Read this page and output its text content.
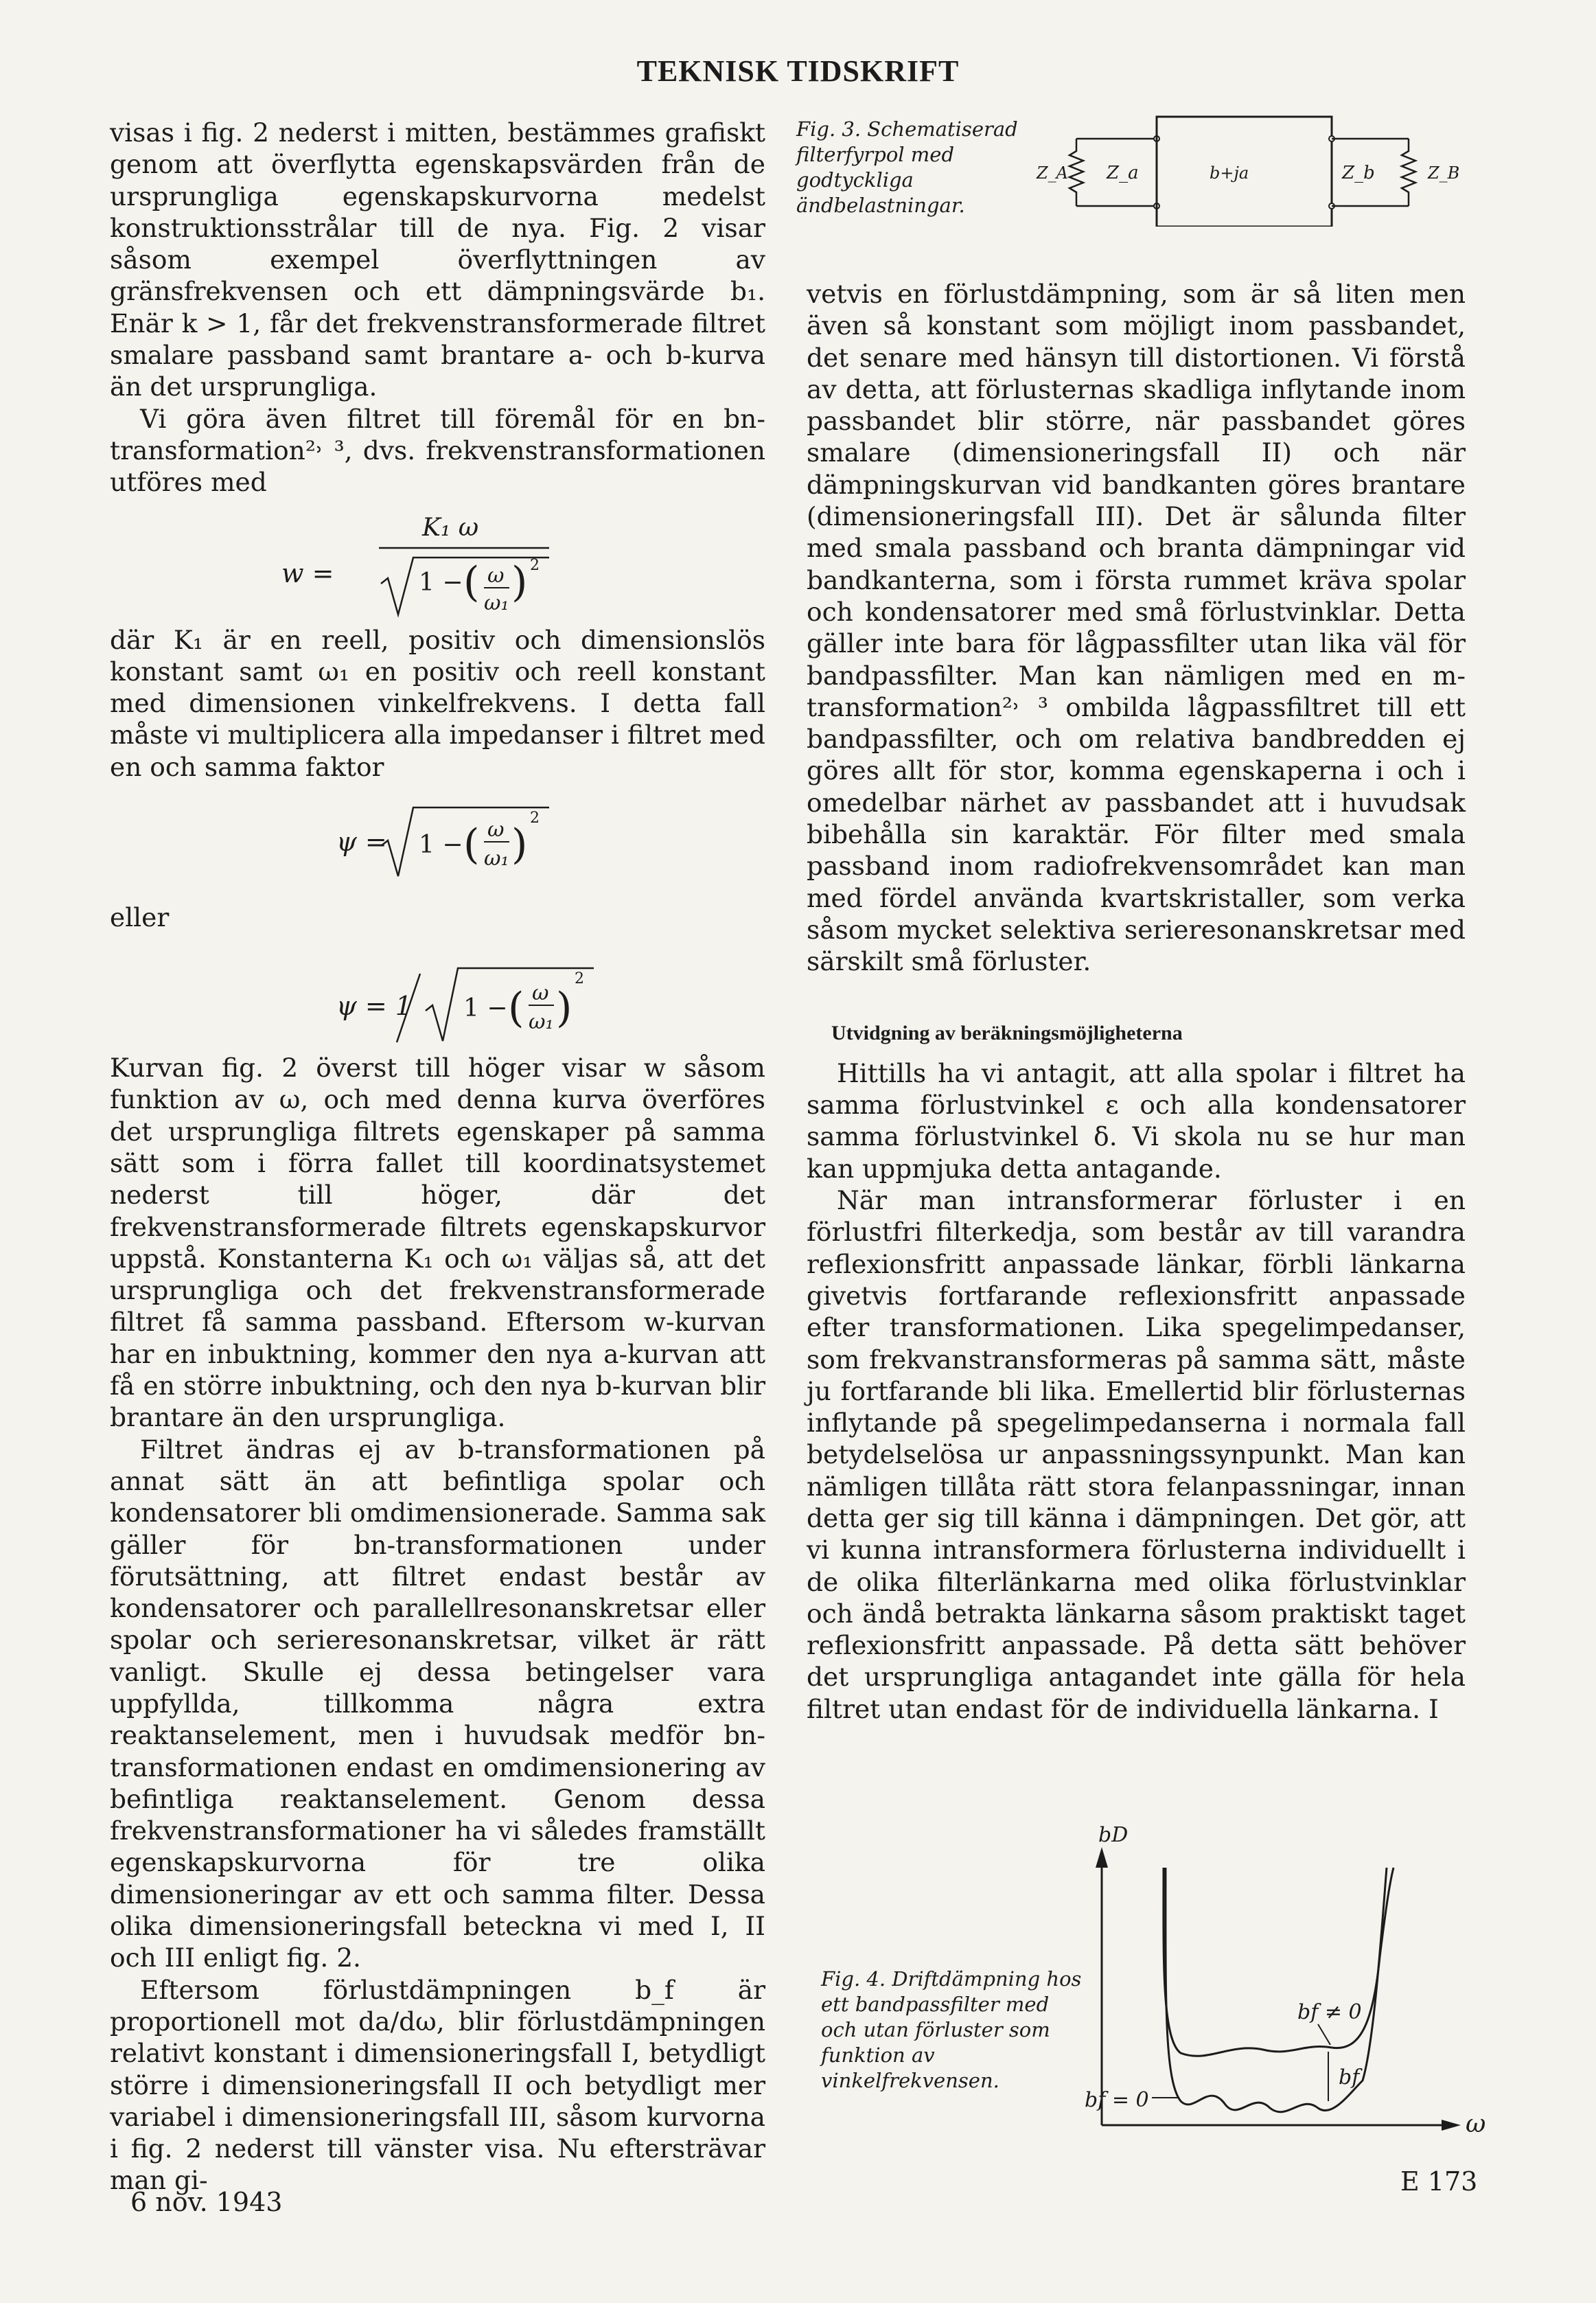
TEKNISK TIDSKRIFT

visas i fig. 2 nederst i mitten, bestämmes grafiskt genom att överflytta egenskapsvärden från de ursprungliga egenskapskurvorna medelst konstruktionsstrålar till de nya. Fig. 2 visar såsom exempel överflyttningen av gränsfrekvensen och ett dämpningsvärde b₁. Enär k > 1, får det frekvenstransformerade filtret smalare passband samt brantare a- och b-kurva än det ursprungliga.

Vi göra även filtret till föremål för en bn-transformation²˒ ³, dvs. frekvenstransformationen utföres med

w =
K₁ ω
1 − ( ω
ω₁ ) 2

där K₁ är en reell, positiv och dimensionslös konstant samt ω₁ en positiv och reell konstant med dimensionen vinkelfrekvens. I detta fall måste vi multiplicera alla impedanser i filtret med en och samma faktor

ψ = 1 − ( ω
ω₁ )
2
eller
ψ = 1 1 − ( ω
ω₁ )
2

Kurvan fig. 2 överst till höger visar w såsom funktion av ω, och med denna kurva överföres det ursprungliga filtrets egenskaper på samma sätt som i förra fallet till koordinatsystemet nederst till höger, där det frekvenstransformerade filtrets egenskapskurvor uppstå. Konstanterna K₁ och ω₁ väljas så, att det ursprungliga och det frekvenstransformerade filtret få samma passband. Eftersom w-kurvan har en inbuktning, kommer den nya a-kurvan att få en större inbuktning, och den nya b-kurvan blir brantare än den ursprungliga.

Filtret ändras ej av b-transformationen på annat sätt än att befintliga spolar och kondensatorer bli omdimensionerade. Samma sak gäller för bn-transformationen under förutsättning, att filtret endast består av kondensatorer och parallellresonanskretsar eller spolar och serieresonanskretsar, vilket är rätt vanligt. Skulle ej dessa betingelser vara uppfyllda, tillkomma några extra reaktanselement, men i huvudsak medför bn-transformationen endast en omdimensionering av befintliga reaktanselement. Genom dessa frekvenstransformationer ha vi således framställt egenskapskurvorna för tre olika dimensioneringar av ett och samma filter. Dessa olika dimensioneringsfall betecknа vi med I, II och III enligt fig. 2.

Eftersom förlustdämpningen b_f är proportionell mot da/dω, blir förlustdämpningen relativt konstant i dimensioneringsfall I, betydligt större i dimensioneringsfall II och betydligt mer variabel i dimensioneringsfall III, såsom kurvorna i fig. 2 nederst till vänster visa. Nu eftersträvar man gi-

Fig. 3. Schematiserad filterfyrpol med godtyckliga ändbelastningar.
Z_A Z_a	b+ja	Z_b	Z_B

vetvis en förlustdämpning, som är så liten men även så konstant som möjligt inom passbandet, det senare med hänsyn till distortionen. Vi förstå av detta, att förlusternas skadliga inflytande inom passbandet blir större, när passbandet göres smalare (dimensioneringsfall II) och när dämpningskurvan vid bandkanten göres brantare (dimensioneringsfall III). Det är sålunda filter med smala passband och branta dämpningar vid bandkanterna, som i första rummet kräva spolar och kondensatorer med små förlustvinklar. Detta gäller inte bara för lågpassfilter utan lika väl för bandpassfilter. Man kan nämligen med en m-transformation²˒ ³ ombilda lågpassfiltret till ett bandpassfilter, och om relativa bandbredden ej göres allt för stor, komma egenskaperna i och i omedelbar närhet av passbandet att i huvudsak bibehålla sin karaktär. För filter med smala passband inom radiofrekvensområdet kan man med fördel använda kvartskristaller, som verka såsom mycket selektiva serieresonanskretsar med särskilt små förluster.

Utvidgning av beräkningsmöjligheterna

Hittills ha vi antagit, att alla spolar i filtret ha samma förlustvinkel ε och alla kondensatorer samma förlustvinkel δ. Vi skola nu se hur man kan uppmjuka detta antagande.

När man intransformerar förluster i en förlustfri filterkedja, som består av till varandra reflexionsfritt anpassade länkar, förbli länkarna givetvis fortfarande reflexionsfritt anpassade efter transformationen. Lika spegelimpedanser, som frekvanstransformeras på samma sätt, måste ju fortfarande bli lika. Emellertid blir förlusternas inflytande på spegelimpedanserna i normala fall betydelselösa ur anpassningssynpunkt. Man kan nämligen tillåta rätt stora felanpassningar, innan detta ger sig till känna i dämpningen. Det gör, att vi kunna intransformera förlusterna individuellt i de olika filterlänkarna med olika förlustvinklar och ändå betrakta länkarna såsom praktiskt taget reflexionsfritt anpassade. På detta sätt behöver det ursprungliga antagandet inte gälla för hela filtret utan endast för de individuella länkarna. I

Fig. 4. Driftdämpning hos ett bandpassfilter med och utan förluster som funktion av vinkelfrekvensen.
bD
ω
bf ≠ 0
bf = 0
bf
6 nov. 1943
E 173
